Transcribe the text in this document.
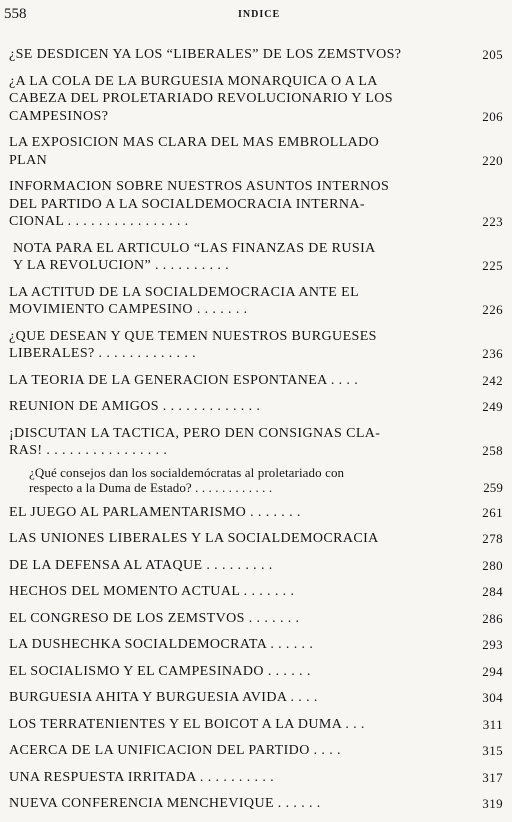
558	INDICE
¿SE DESDICEN YA LOS “LIBERALES” DE LOS ZEMSTVOS?	205
¿A LA COLA DE LA BURGUESIA MONARQUICA O A LA
CABEZA DEL PROLETARIADO REVOLUCIONARIO Y LOS
CAMPESINOS?	206
LA EXPOSICION MAS CLARA DEL MAS EMBROLLADO
PLAN	220
INFORMACION SOBRE NUESTROS ASUNTOS INTERNOS
DEL PARTIDO A LA SOCIALDEMOCRACIA INTERNA-
CIONAL . . . . . . . . . . . . . . . .	223
NOTA PARA EL ARTICULO “LAS FINANZAS DE RUSIA
Y LA REVOLUCION” . . . . . . . . . .	225
LA ACTITUD DE LA SOCIALDEMOCRACIA ANTE EL
MOVIMIENTO CAMPESINO . . . . . . .	226
¿QUE DESEAN Y QUE TEMEN NUESTROS BURGUESES
LIBERALES? . . . . . . . . . . . . .	236
LA TEORIA DE LA GENERACION ESPONTANEA . . . .	242
REUNION DE AMIGOS . . . . . . . . . . . . .	249
¡DISCUTAN LA TACTICA, PERO DEN CONSIGNAS CLA-
RAS! . . . . . . . . . . . . . . . .	258
¿Qué consejos dan los socialdemócratas al proletariado con
respecto a la Duma de Estado? . . . . . . . . . . . .	259
EL JUEGO AL PARLAMENTARISMO . . . . . . .	261
LAS UNIONES LIBERALES Y LA SOCIALDEMOCRACIA	278
DE LA DEFENSA AL ATAQUE . . . . . . . . .	280
HECHOS DEL MOMENTO ACTUAL . . . . . . .	284
EL CONGRESO DE LOS ZEMSTVOS . . . . . . .	286
LA DUSHECHKA SOCIALDEMOCRATA . . . . . .	293
EL SOCIALISMO Y EL CAMPESINADO . . . . . .	294
BURGUESIA AHITA Y BURGUESIA AVIDA . . . .	304
LOS TERRATENIENTES Y EL BOICOT A LA DUMA . . .	311
ACERCA DE LA UNIFICACION DEL PARTIDO . . . .	315
UNA RESPUESTA IRRITADA . . . . . . . . . .	317
NUEVA CONFERENCIA MENCHEVIQUE . . . . . .	319
